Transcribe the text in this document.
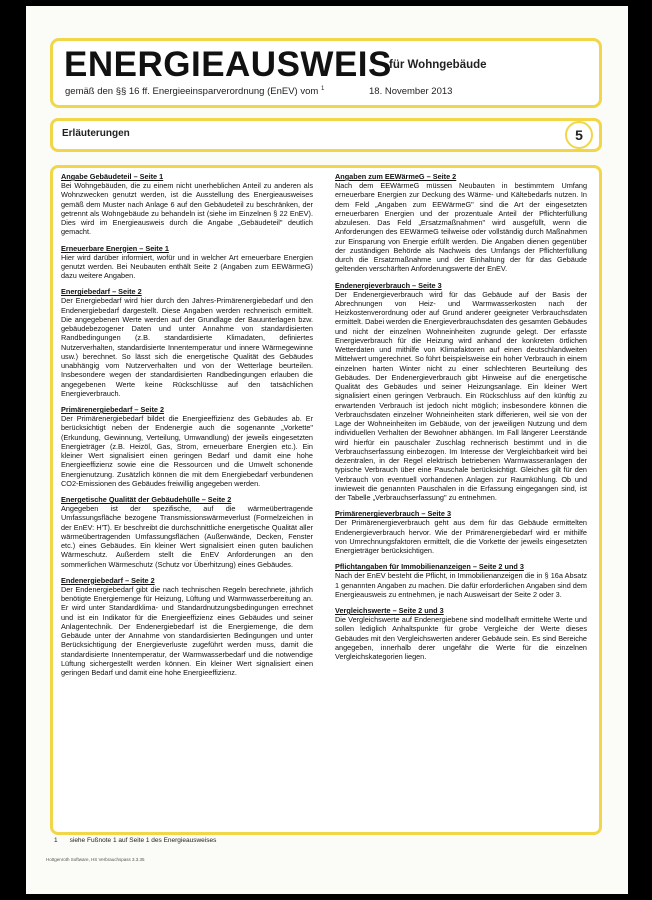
ENERGIEAUSWEIS
für Wohngebäude
gemäß den §§ 16 ff. Energieeinsparverordnung (EnEV) vom $^1$	18. November 2013
Erläuterungen	5
Angabe Gebäudeteil – Seite 1

Bei Wohngebäuden, die zu einem nicht unerheblichen Anteil zu anderen als Wohnzwecken genutzt werden, ist die Ausstellung des Energieausweises gemäß dem Muster nach Anlage 6 auf den Gebäudeteil zu beschränken, der getrennt als Wohngebäude zu behandeln ist (siehe im Einzelnen § 22 EnEV). Dies wird im Energieausweis durch die Angabe „Gebäudeteil" deutlich gemacht.

Erneuerbare Energien – Seite 1

Hier wird darüber informiert, wofür und in welcher Art erneuerbare Energien genutzt werden. Bei Neubauten enthält Seite 2 (Angaben zum EEWärmeG) dazu weitere Angaben.

Energiebedarf – Seite 2

Der Energiebedarf wird hier durch den Jahres-Primärenergiebedarf und den Endenergiebedarf dargestellt. Diese Angaben werden rechnerisch ermittelt. Die angegebenen Werte werden auf der Grundlage der Bauunterlagen bzw. gebäudebezogener Daten und unter Annahme von standardisierten Randbedingungen (z.B. standardisierte Klimadaten, definiertes Nutzerverhalten, standardisierte Innentemperatur und innere Wärmegewinne usw.) berechnet. So lässt sich die energetische Qualität des Gebäudes unabhängig vom Nutzerverhalten und von der Wetterlage beurteilen. Insbesondere wegen der standardisierten Randbedingungen erlauben die angegebenen Werte keine Rückschlüsse auf den tatsächlichen Energieverbrauch.

Primärenergiebedarf – Seite 2

Der Primärenergiebedarf bildet die Energieeffizienz des Gebäudes ab. Er berücksichtigt neben der Endenergie auch die sogenannte „Vorkette" (Erkundung, Gewinnung, Verteilung, Umwandlung) der jeweils eingesetzten Energieträger (z.B. Heizöl, Gas, Strom, erneuerbare Energien etc.). Ein kleiner Wert signalisiert einen geringen Bedarf und damit eine hohe Energieeffizienz sowie eine die Ressourcen und die Umwelt schonende Energienutzung. Zusätzlich können die mit dem Energiebedarf verbundenen CO2-Emissionen des Gebäudes freiwillig angegeben werden.

Energetische Qualität der Gebäudehülle – Seite 2

Angegeben ist der spezifische, auf die wärmeübertragende Umfassungsfläche bezogene Transmissionswärmeverlust (Formelzeichen in der EnEV: H'T). Er beschreibt die durchschnittliche energetische Qualität aller wärmeübertragenden Umfassungsflächen (Außenwände, Decken, Fenster etc.) eines Gebäudes. Ein kleiner Wert signalisiert einen guten baulichen Wärmeschutz. Außerdem stellt die EnEV Anforderungen an den sommerlichen Wärmeschutz (Schutz vor Überhitzung) eines Gebäudes.

Endenergiebedarf – Seite 2

Der Endenergiebedarf gibt die nach technischen Regeln berechnete, jährlich benötigte Energiemenge für Heizung, Lüftung und Warmwasserbereitung an. Er wird unter Standardklima- und Standardnutzungsbedingungen errechnet und ist ein Indikator für die Energieeffizienz eines Gebäudes und seiner Anlagentechnik. Der Endenergiebedarf ist die Energiemenge, die dem Gebäude unter der Annahme von standardisierten Bedingungen und unter Berücksichtigung der Energieverluste zugeführt werden muss, damit die standardisierte Innentemperatur, der Warmwasserbedarf und die notwendige Lüftung sichergestellt werden können. Ein kleiner Wert signalisiert einen geringen Bedarf und damit eine hohe Energieeffizienz.

Angaben zum EEWärmeG – Seite 2

Nach dem EEWärmeG müssen Neubauten in bestimmtem Umfang erneuerbare Energien zur Deckung des Wärme- und Kältebedarfs nutzen. In dem Feld „Angaben zum EEWärmeG" sind die Art der eingesetzten erneuerbaren Energien und der prozentuale Anteil der Pflichterfüllung abzulesen. Das Feld „Ersatzmaßnahmen" wird ausgefüllt, wenn die Anforderungen des EEWärmeG teilweise oder vollständig durch Maßnahmen zur Einsparung von Energie erfüllt werden. Die Angaben dienen gegenüber der zuständigen Behörde als Nachweis des Umfangs der Pflichterfüllung durch die Ersatzmaßnahme und der Einhaltung der für das Gebäude geltenden verschärften Anforderungswerte der EnEV.

Endenergieverbrauch – Seite 3

Der Endenergieverbrauch wird für das Gebäude auf der Basis der Abrechnungen von Heiz- und Warmwasserkosten nach der Heizkostenverordnung oder auf Grund anderer geeigneter Verbrauchsdaten ermittelt. Dabei werden die Energieverbrauchsdaten des gesamten Gebäudes und nicht der einzelnen Wohneinheiten zugrunde gelegt. Der erfasste Energieverbrauch für die Heizung wird anhand der konkreten örtlichen Wetterdaten und mithilfe von Klimafaktoren auf einen deutschlandweiten Mittelwert umgerechnet. So führt beispielsweise ein hoher Verbrauch in einem einzelnen harten Winter nicht zu einer schlechteren Beurteilung des Gebäudes. Der Endenergieverbrauch gibt Hinweise auf die energetische Qualität des Gebäudes und seiner Heizungsanlage. Ein kleiner Wert signalisiert einen geringen Verbrauch. Ein Rückschluss auf den künftig zu erwartenden Verbrauch ist jedoch nicht möglich; insbesondere können die Verbrauchsdaten einzelner Wohneinheiten stark differieren, weil sie von der Lage der Wohneinheiten im Gebäude, von der jeweiligen Nutzung und dem individuellen Verhalten der Bewohner abhängen. Im Fall längerer Leerstände wird hierfür ein pauschaler Zuschlag rechnerisch bestimmt und in die Verbrauchserfassung einbezogen. Im Interesse der Vergleichbarkeit wird bei dezentralen, in der Regel elektrisch betriebenen Warmwasseranlagen der typische Verbrauch über eine Pauschale berücksichtigt. Gleiches gilt für den Verbrauch von eventuell vorhandenen Anlagen zur Raumkühlung. Ob und inwieweit die genannten Pauschalen in die Erfassung eingegangen sind, ist der Tabelle „Verbrauchserfassung" zu entnehmen.

Primärenergieverbrauch – Seite 3

Der Primärenergieverbrauch geht aus dem für das Gebäude ermittelten Endenergieverbrauch hervor. Wie der Primärenergiebedarf wird er mithilfe von Umrechnungsfaktoren ermittelt, die die Vorkette der jeweils eingesetzten Energieträger berücksichtigen.

Pflichtangaben für Immobilienanzeigen – Seite 2 und 3

Nach der EnEV besteht die Pflicht, in Immobilienanzeigen die in § 16a Absatz 1 genannten Angaben zu machen. Die dafür erforderlichen Angaben sind dem Energieausweis zu entnehmen, je nach Ausweisart der Seite 2 oder 3.

Vergleichswerte – Seite 2 und 3

Die Vergleichswerte auf Endenergiebene sind modellhaft ermittelte Werte und sollen lediglich Anhaltspunkte für grobe Vergleiche der Werte dieses Gebäudes mit den Vergleichswerten anderer Gebäude sein. Es sind Bereiche angegeben, innerhalb derer ungefähr die Werte für die einzelnen Vergleichskategorien liegen.

1 siehe Fußnote 1 auf Seite 1 des Energieausweises
Hottgenroth Software, HS Verbrauchspass 3.3.35
